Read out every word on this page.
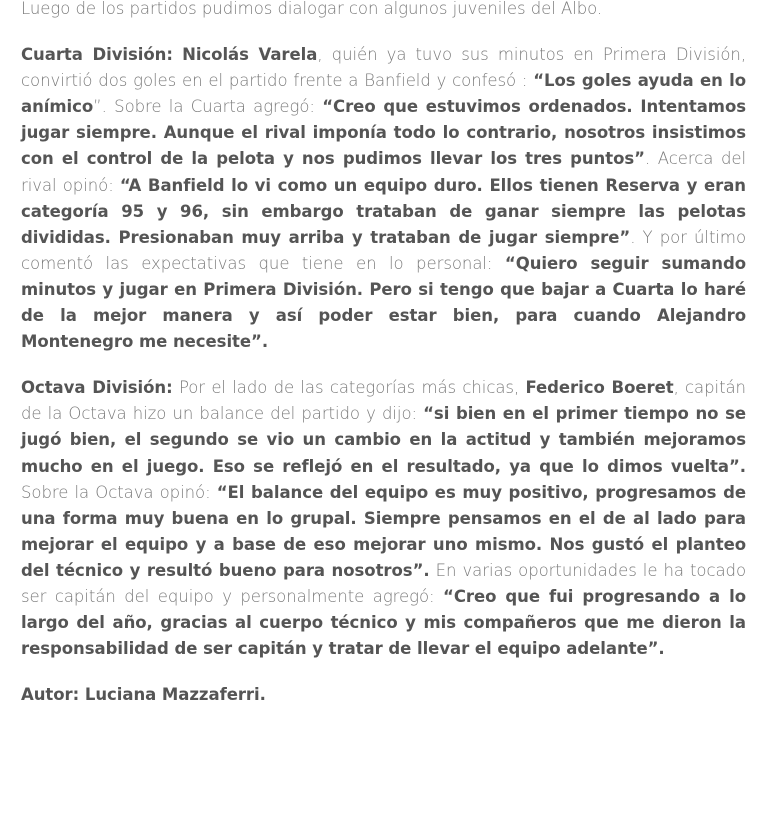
Luego de los partidos pudimos dialogar con algunos juveniles del Albo.

Cuarta División: Nicolás Varela, quién ya tuvo sus minutos en Primera División, convirtió dos goles en el partido frente a Banfield y confesó : “Los goles ayuda en lo anímico”. Sobre la Cuarta agregó: “Creo que estuvimos ordenados. Intentamos jugar siempre. Aunque el rival imponía todo lo contrario, nosotros insistimos con el control de la pelota y nos pudimos llevar los tres puntos”. Acerca del rival opinó: “A Banfield lo vi como un equipo duro. Ellos tienen Reserva y eran categoría 95 y 96, sin embargo trataban de ganar siempre las pelotas divididas. Presionaban muy arriba y trataban de jugar siempre”. Y por último comentó las expectativas que tiene en lo personal: “Quiero seguir sumando minutos y jugar en Primera División. Pero si tengo que bajar a Cuarta lo haré de la mejor manera y así poder estar bien, para cuando Alejandro Montenegro me necesite”.

Octava División: Por el lado de las categorías más chicas, Federico Boeret, capitán de la Octava hizo un balance del partido y dijo: “si bien en el primer tiempo no se jugó bien, el segundo se vio un cambio en la actitud y también mejoramos mucho en el juego. Eso se reflejó en el resultado, ya que lo dimos vuelta”. Sobre la Octava opinó: “El balance del equipo es muy positivo, progresamos de una forma muy buena en lo grupal. Siempre pensamos en el de al lado para mejorar el equipo y a base de eso mejorar uno mismo. Nos gustó el planteo del técnico y resultó bueno para nosotros”. En varias oportunidades le ha tocado ser capitán del equipo y personalmente agregó: “Creo que fui progresando a lo largo del año, gracias al cuerpo técnico y mis compañeros que me dieron la responsabilidad de ser capitán y tratar de llevar el equipo adelante”.

Autor: Luciana Mazzaferri.
